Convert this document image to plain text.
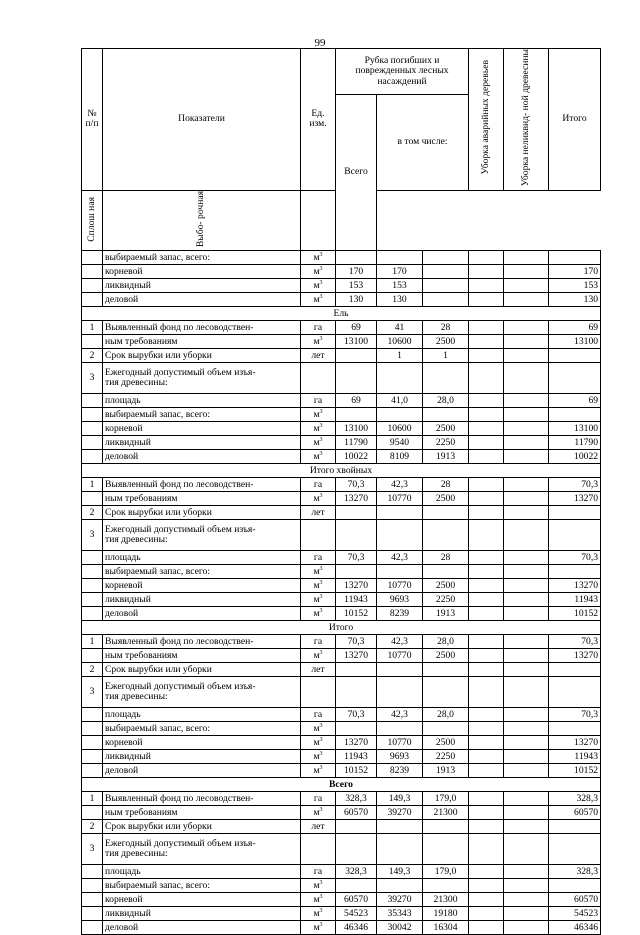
99
№ п/п	Показатели	Ед. изм.	Рубка погибших и поврежденных лесных насаждений			Уборка аварийных деревьев	Уборка неликвид- ной древесины	Итого
			Всего	в том числе:				
Сплош ная	Выбо- рочная							
	выбираемый запас, всего:	$м^3$						
	корневой	$м^3$	170	170				170
	ликвидный	$м^3$	153	153				153
	деловой	$м^3$	130	130				130
Ель								
1	Выявленный фонд по лесоводствен-	га	69	41	28			69
	ным требованиям	$м^3$	13100	10600	2500			13100
2	Срок вырубки или уборки	лет		1	1			
3	Ежегодный допустимый объем изъя-
тия древесины:							

	площадь	га	69	41,0	28,0			69
	выбираемый запас, всего:	$м^3$						
	корневой	$м^3$	13100	10600	2500			13100
	ликвидный	$м^3$	11790	9540	2250			11790
	деловой	$м^3$	10022	8109	1913			10022
Итого хвойных								
1	Выявленный фонд по лесоводствен-	га	70,3	42,3	28			70,3
	ным требованиям	$м^3$	13270	10770	2500			13270
2	Срок вырубки или уборки	лет						
3	Ежегодный допустимый объем изъя-
тия древесины:							

	площадь	га	70,3	42,3	28			70,3
	выбираемый запас, всего:	$м^3$						
	корневой	$м^3$	13270	10770	2500			13270
	ликвидный	$м^3$	11943	9693	2250			11943
	деловой	$м^3$	10152	8239	1913			10152
Итого								
1	Выявленный фонд по лесоводствен-	га	70,3	42,3	28,0			70,3
	ным требованиям	$м^3$	13270	10770	2500			13270
2	Срок вырубки или уборки	лет						
3	Ежегодный допустимый объем изъя-
тия древесины:							

	площадь	га	70,3	42,3	28,0			70,3
	выбираемый запас, всего:	$м^3$						
	корневой	$м^3$	13270	10770	2500			13270
	ликвидный	$м^3$	11943	9693	2250			11943
	деловой	$м^3$	10152	8239	1913			10152
Всего								
1	Выявленный фонд по лесоводствен-	га	328,3	149,3	179,0			328,3
	ным требованиям	$м^3$	60570	39270	21300			60570
2	Срок вырубки или уборки	лет						
3	Ежегодный допустимый объем изъя-
тия древесины:							

	площадь	га	328,3	149,3	179,0			328,3
	выбираемый запас, всего:	$м^3$						
	корневой	$м^3$	60570	39270	21300			60570
	ликвидный	$м^3$	54523	35343	19180			54523
	деловой	$м^3$	46346	30042	16304			46346
